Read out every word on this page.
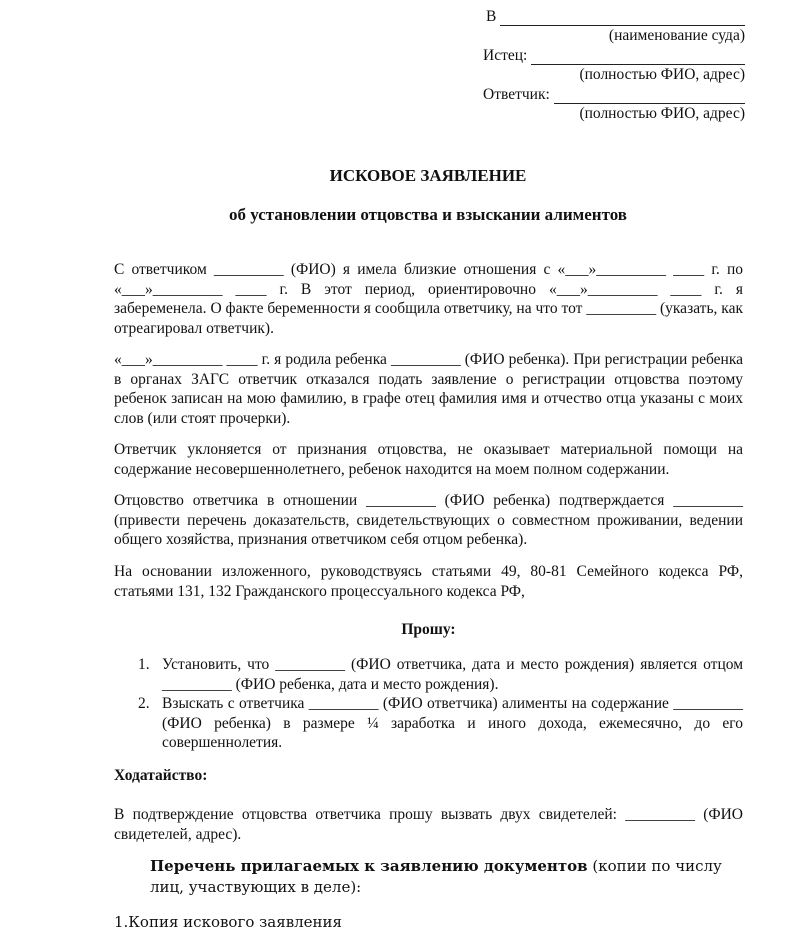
В
(наименование суда)
Истец:
(полностью ФИО, адрес)
Ответчик:
(полностью ФИО, адрес)
ИСКОВОЕ ЗАЯВЛЕНИЕ
об установлении отцовства и взыскании алиментов
С ответчиком _________ (ФИО) я имела близкие отношения с «___»_________ ____ г. по «___»_________ ____ г. В этот период, ориентировочно «___»_________ ____ г. я забеременела. О факте беременности я сообщила ответчику, на что тот _________ (указать, как отреагировал ответчик).
«___»_________ ____ г. я родила ребенка _________ (ФИО ребенка). При регистрации ребенка в органах ЗАГС ответчик отказался подать заявление о регистрации отцовства поэтому ребенок записан на мою фамилию, в графе отец фамилия имя и отчество отца указаны с моих слов (или стоят прочерки).
Ответчик уклоняется от признания отцовства, не оказывает материальной помощи на содержание несовершеннолетнего, ребенок находится на моем полном содержании.
Отцовство ответчика в отношении _________ (ФИО ребенка) подтверждается _________ (привести перечень доказательств, свидетельствующих о совместном проживании, ведении общего хозяйства, признания ответчиком себя отцом ребенка).
На основании изложенного, руководствуясь статьями 49, 80-81 Семейного кодекса РФ, статьями 131, 132 Гражданского процессуального кодекса РФ,
Прошу:
1. Установить, что _________ (ФИО ответчика, дата и место рождения) является отцом _________ (ФИО ребенка, дата и место рождения).
2. Взыскать с ответчика _________ (ФИО ответчика) алименты на содержание _________ (ФИО ребенка) в размере ¼ заработка и иного дохода, ежемесячно, до его совершеннолетия.
Ходатайство:
В подтверждение отцовства ответчика прошу вызвать двух свидетелей: _________ (ФИО свидетелей, адрес).
Перечень прилагаемых к заявлению документов (копии по числу лиц, участвующих в деле):
1.Копия искового заявления
